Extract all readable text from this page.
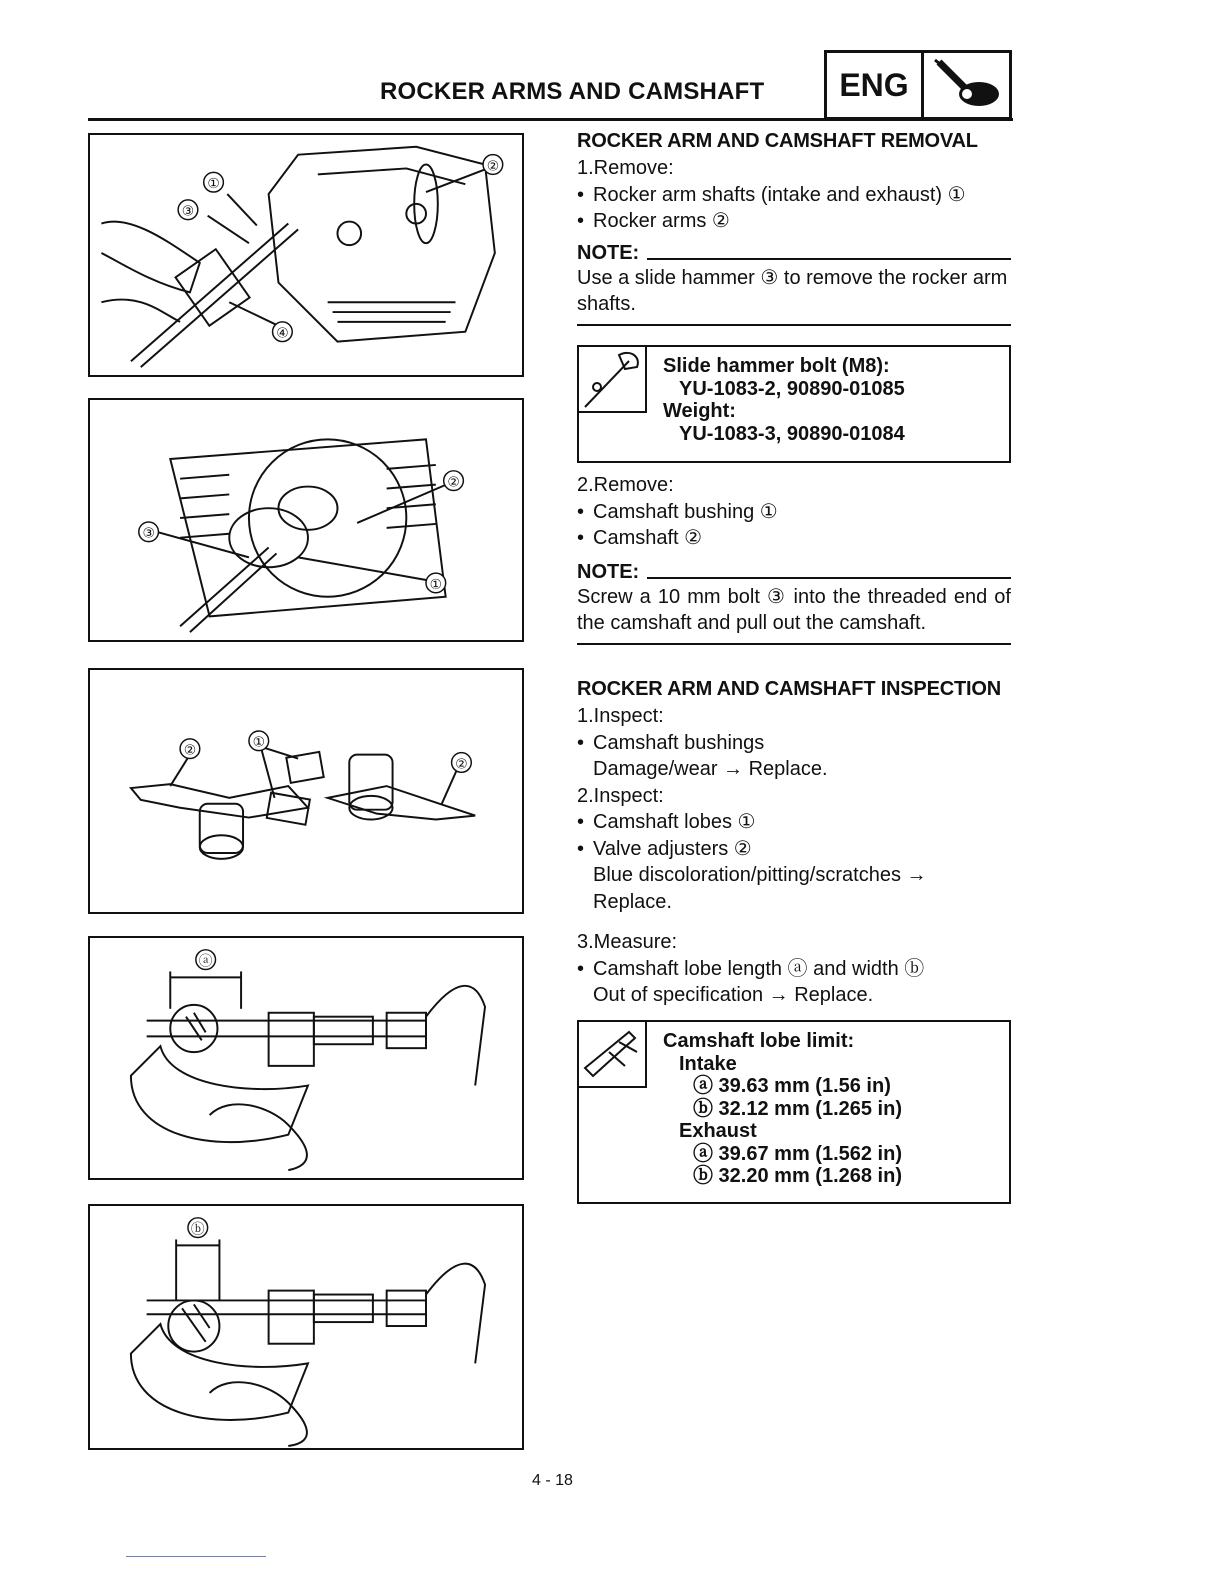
ROCKER ARMS AND CAMSHAFT	ENG
①
③
②
④
②
③
①
②
①
②
ⓐ
ⓑ
ROCKER ARM AND CAMSHAFT REMOVAL
1.Remove:
• Rocker arm shafts (intake and exhaust) ①
• Rocker arms ②
NOTE:
Use a slide hammer ③ to remove the rocker arm shafts.
Slide hammer bolt (M8):
YU-1083-2, 90890-01085
Weight:
YU-1083-3, 90890-01084
2.Remove:
• Camshaft bushing ①
• Camshaft ②
NOTE:
Screw a 10 mm bolt ③ into the threaded end of the camshaft and pull out the camshaft.
ROCKER ARM AND CAMSHAFT INSPECTION
1.Inspect:
• Camshaft bushings
Damage/wear → Replace.
2.Inspect:
• Camshaft lobes ①
• Valve adjusters ②
Blue discoloration/pitting/scratches →
Replace.
3.Measure:
• Camshaft lobe length ⓐ and width ⓑ
Out of specification → Replace.
Camshaft lobe limit:
Intake
ⓐ 39.63 mm (1.56 in)
ⓑ 32.12 mm (1.265 in)
Exhaust
ⓐ 39.67 mm (1.562 in)
ⓑ 32.20 mm (1.268 in)
4 - 18
